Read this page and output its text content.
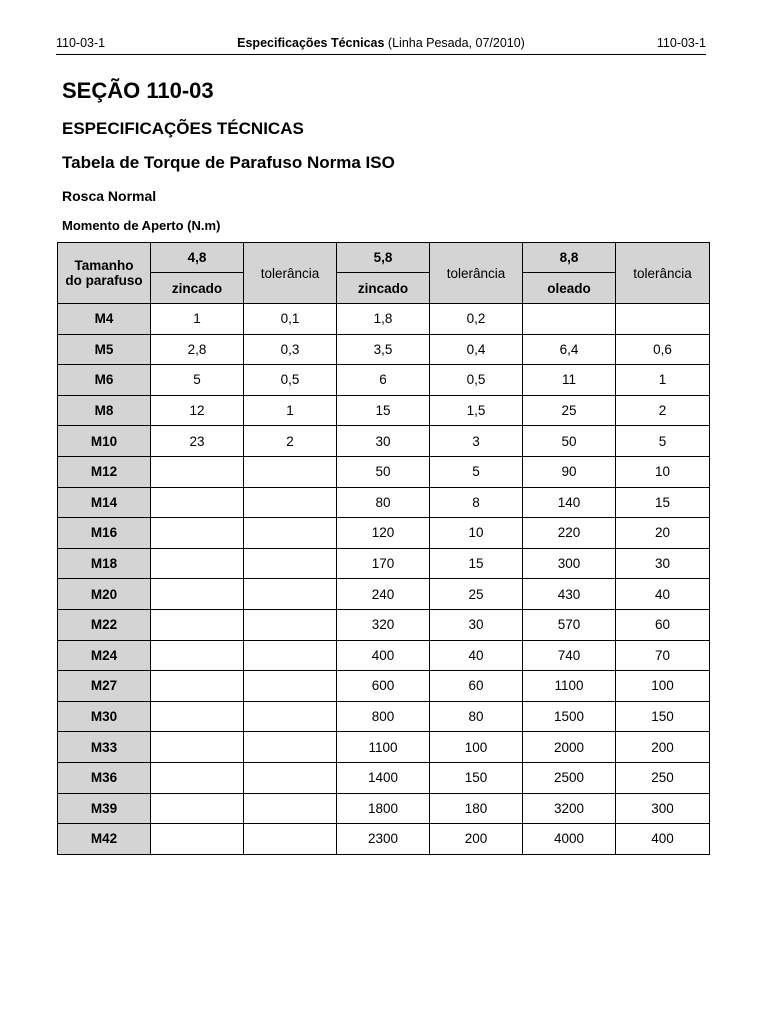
110-03-1	Especificações Técnicas (Linha Pesada, 07/2010)	110-03-1
SEÇÃO 110-03
ESPECIFICAÇÕES TÉCNICAS
Tabela de Torque de Parafuso Norma ISO
Rosca Normal
Momento de Aperto (N.m)
Tamanho
do parafuso	4,8	tolerância	5,8	tolerância	8,8	tolerância
	zincado		zincado		oleado	
M4	1	0,1	1,8	0,2		
M5	2,8	0,3	3,5	0,4	6,4	0,6
M6	5	0,5	6	0,5	11	1
M8	12	1	15	1,5	25	2
M10	23	2	30	3	50	5
M12			50	5	90	10
M14			80	8	140	15
M16			120	10	220	20
M18			170	15	300	30
M20			240	25	430	40
M22			320	30	570	60
M24			400	40	740	70
M27			600	60	1100	100
M30			800	80	1500	150
M33			1100	100	2000	200
M36			1400	150	2500	250
M39			1800	180	3200	300
M42			2300	200	4000	400
